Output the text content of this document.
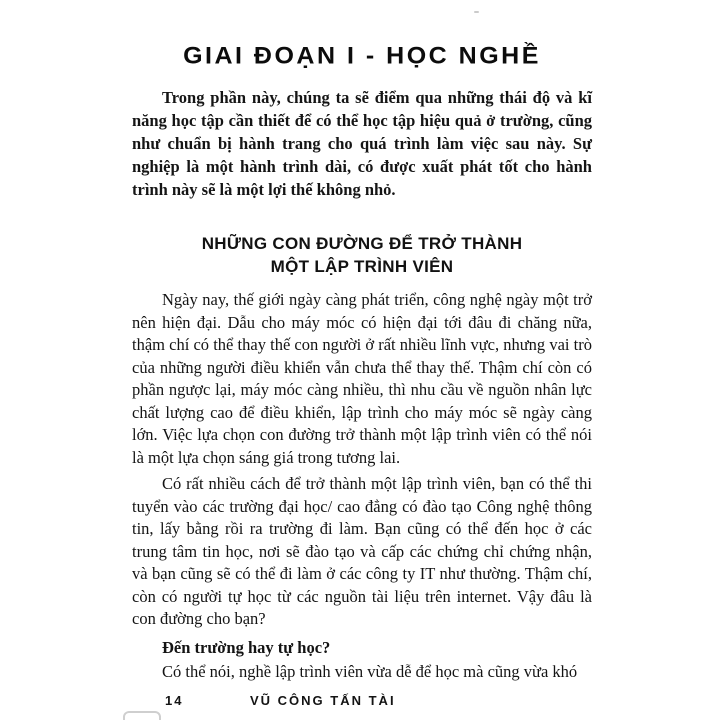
GIAI ĐOẠN I - HỌC NGHỀ
Trong phần này, chúng ta sẽ điểm qua những thái độ và kĩ năng học tập cần thiết để có thể học tập hiệu quả ở trường, cũng như chuẩn bị hành trang cho quá trình làm việc sau này. Sự nghiệp là một hành trình dài, có được xuất phát tốt cho hành trình này sẽ là một lợi thế không nhỏ.
NHỮNG CON ĐƯỜNG ĐỂ TRỞ THÀNH
MỘT LẬP TRÌNH VIÊN
Ngày nay, thế giới ngày càng phát triển, công nghệ ngày một trở nên hiện đại. Dẫu cho máy móc có hiện đại tới đâu đi chăng nữa, thậm chí có thể thay thế con người ở rất nhiều lĩnh vực, nhưng vai trò của những người điều khiển vẫn chưa thể thay thế. Thậm chí còn có phần ngược lại, máy móc càng nhiều, thì nhu cầu về nguồn nhân lực chất lượng cao để điều khiển, lập trình cho máy móc sẽ ngày càng lớn. Việc lựa chọn con đường trở thành một lập trình viên có thể nói là một lựa chọn sáng giá trong tương lai.
Có rất nhiều cách để trở thành một lập trình viên, bạn có thể thi tuyển vào các trường đại học/ cao đẳng có đào tạo Công nghệ thông tin, lấy bằng rồi ra trường đi làm. Bạn cũng có thể đến học ở các trung tâm tin học, nơi sẽ đào tạo và cấp các chứng chỉ chứng nhận, và bạn cũng sẽ có thể đi làm ở các công ty IT như thường. Thậm chí, còn có người tự học từ các nguồn tài liệu trên internet. Vậy đâu là con đường cho bạn?
Đến trường hay tự học?
Có thể nói, nghề lập trình viên vừa dễ để học mà cũng vừa khó
14	VŨ CÔNG TẤN TÀI
